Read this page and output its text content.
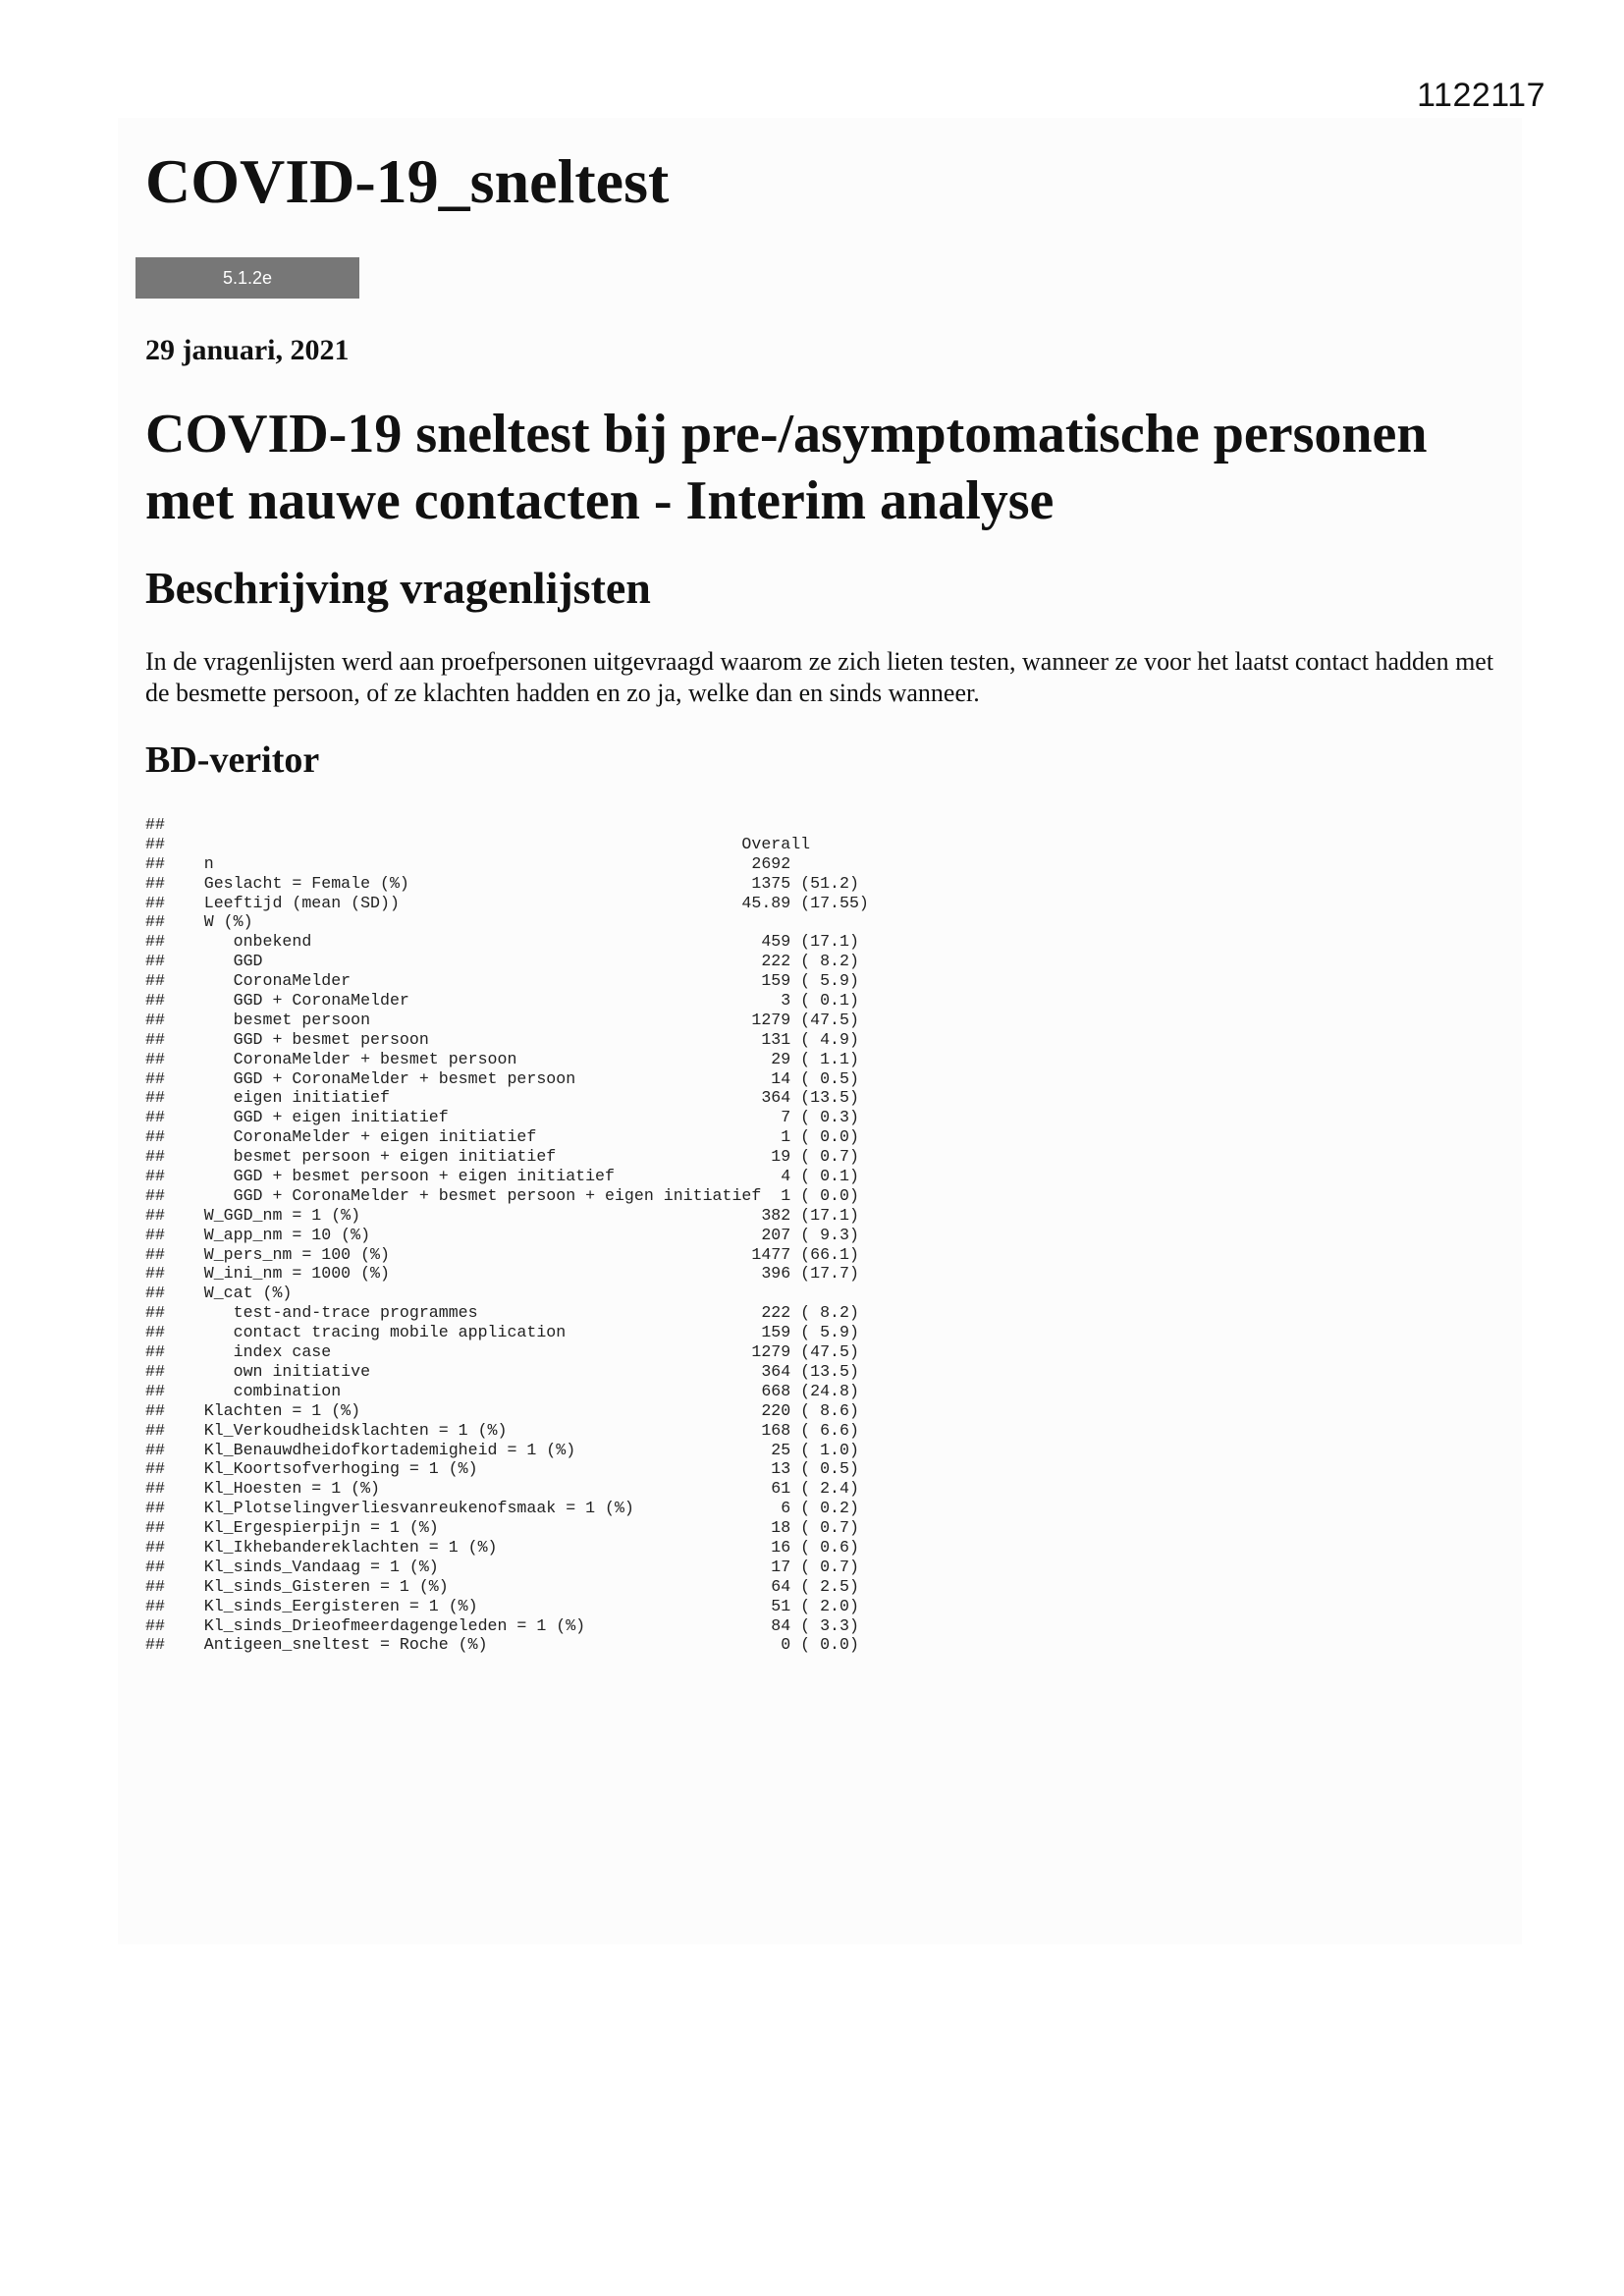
1122117
COVID-19_sneltest
5.1.2e
29 januari, 2021
COVID-19 sneltest bij pre-/asymptomatische personen met nauwe contacten - Interim analyse
Beschrijving vragenlijsten

In de vragenlijsten werd aan proefpersonen uitgevraagd waarom ze zich lieten testen, wanneer ze voor het laatst contact hadden met de besmette persoon, of ze klachten hadden en zo ja, welke dan en sinds wanneer.

BD-veritor
##
##                                                           Overall
##    n                                                       2692
##    Geslacht = Female (%)                                   1375 (51.2)
##    Leeftijd (mean (SD))                                   45.89 (17.55)
##    W (%)
##       onbekend                                              459 (17.1)
##       GGD                                                   222 ( 8.2)
##       CoronaMelder                                          159 ( 5.9)
##       GGD + CoronaMelder                                      3 ( 0.1)
##       besmet persoon                                       1279 (47.5)
##       GGD + besmet persoon                                  131 ( 4.9)
##       CoronaMelder + besmet persoon                          29 ( 1.1)
##       GGD + CoronaMelder + besmet persoon                    14 ( 0.5)
##       eigen initiatief                                      364 (13.5)
##       GGD + eigen initiatief                                  7 ( 0.3)
##       CoronaMelder + eigen initiatief                         1 ( 0.0)
##       besmet persoon + eigen initiatief                      19 ( 0.7)
##       GGD + besmet persoon + eigen initiatief                 4 ( 0.1)
##       GGD + CoronaMelder + besmet persoon + eigen initiatief  1 ( 0.0)
##    W_GGD_nm = 1 (%)                                         382 (17.1)
##    W_app_nm = 10 (%)                                        207 ( 9.3)
##    W_pers_nm = 100 (%)                                     1477 (66.1)
##    W_ini_nm = 1000 (%)                                      396 (17.7)
##    W_cat (%)
##       test-and-trace programmes                             222 ( 8.2)
##       contact tracing mobile application                    159 ( 5.9)
##       index case                                           1279 (47.5)
##       own initiative                                        364 (13.5)
##       combination                                           668 (24.8)
##    Klachten = 1 (%)                                         220 ( 8.6)
##    Kl_Verkoudheidsklachten = 1 (%)                          168 ( 6.6)
##    Kl_Benauwdheidofkortademigheid = 1 (%)                    25 ( 1.0)
##    Kl_Koortsofverhoging = 1 (%)                              13 ( 0.5)
##    Kl_Hoesten = 1 (%)                                        61 ( 2.4)
##    Kl_Plotselingverliesvanreukenofsmaak = 1 (%)               6 ( 0.2)
##    Kl_Ergespierpijn = 1 (%)                                  18 ( 0.7)
##    Kl_Ikhebandereklachten = 1 (%)                            16 ( 0.6)
##    Kl_sinds_Vandaag = 1 (%)                                  17 ( 0.7)
##    Kl_sinds_Gisteren = 1 (%)                                 64 ( 2.5)
##    Kl_sinds_Eergisteren = 1 (%)                              51 ( 2.0)
##    Kl_sinds_Drieofmeerdagengeleden = 1 (%)                   84 ( 3.3)
##    Antigeen_sneltest = Roche (%)                              0 ( 0.0)
